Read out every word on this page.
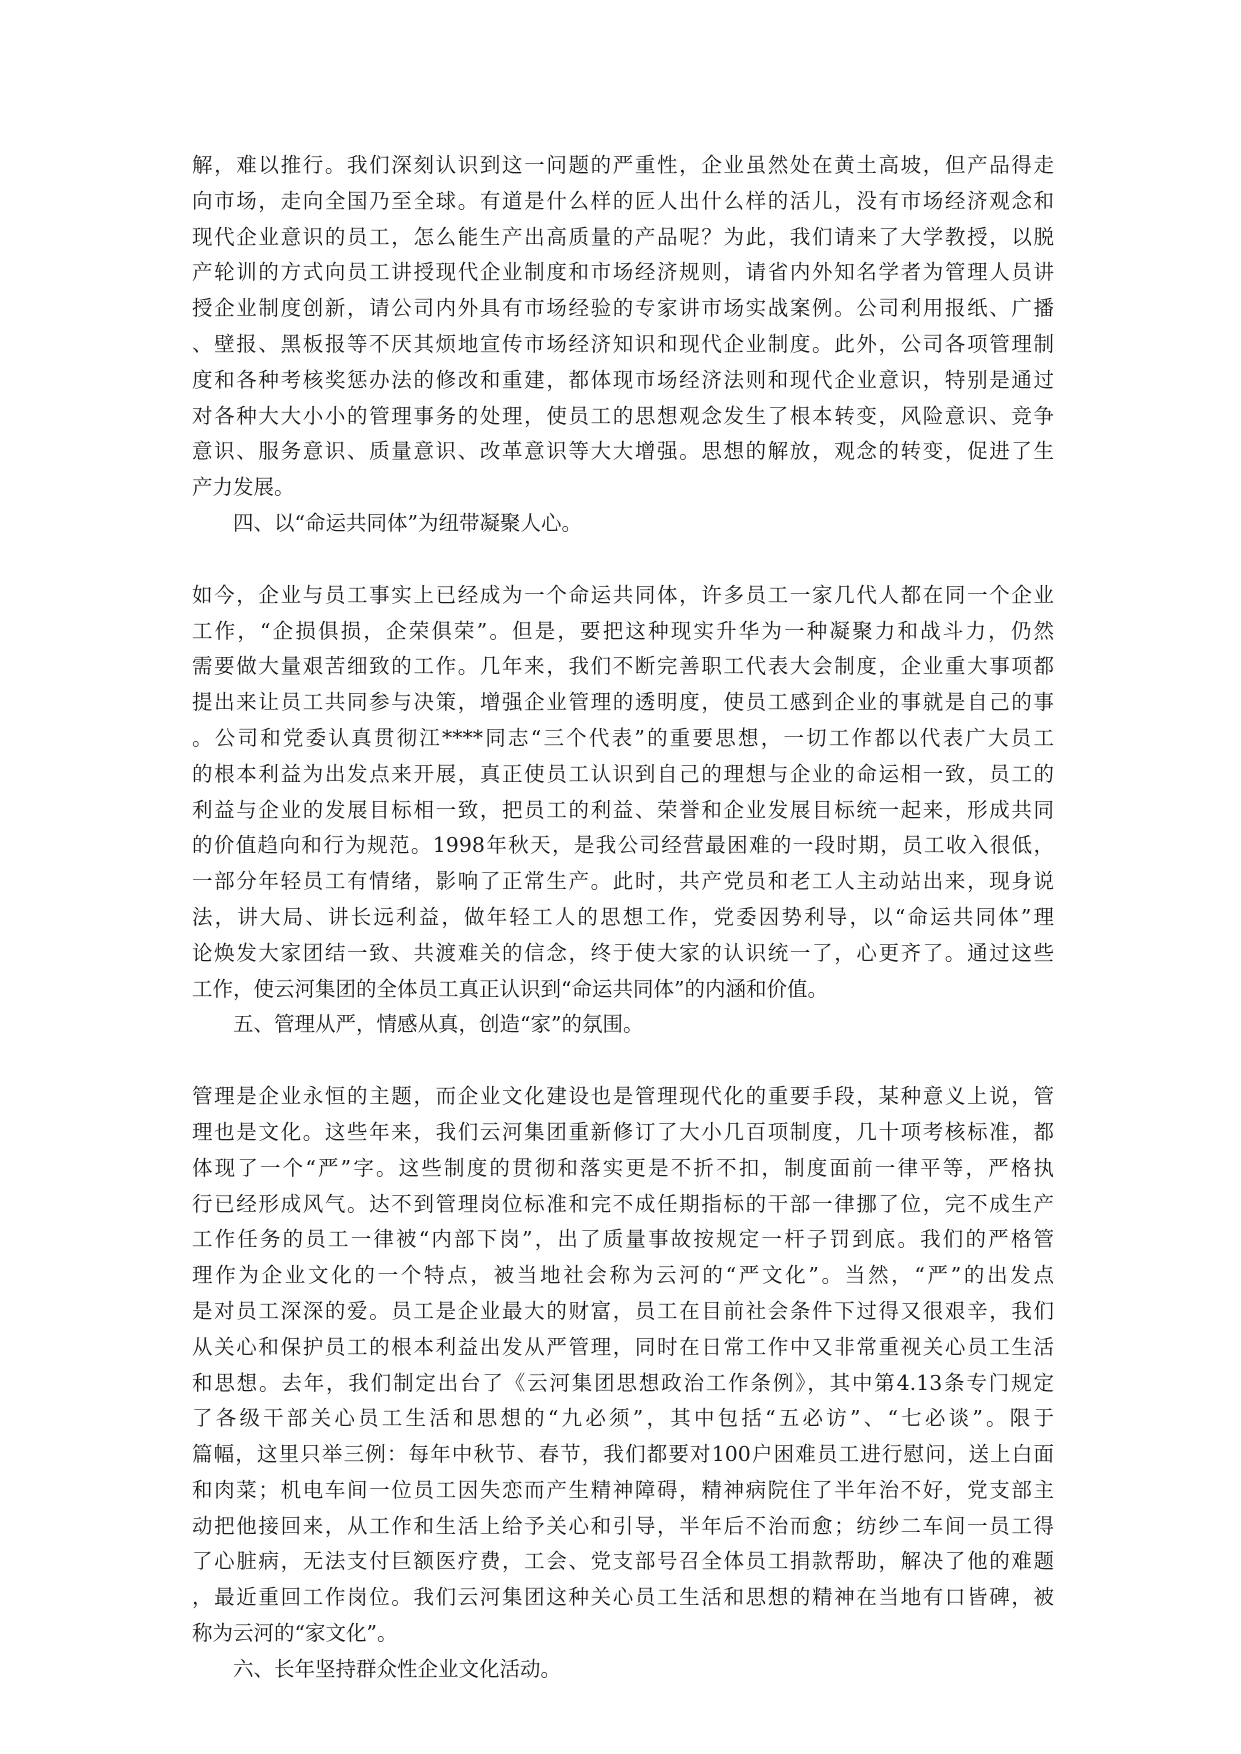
解，难以推行。我们深刻认识到这一问题的严重性，企业虽然处在黄土高坡，但产品得走
向市场，走向全国乃至全球。有道是什么样的匠人出什么样的活儿，没有市场经济观念和
现代企业意识的员工，怎么能生产出高质量的产品呢？为此，我们请来了大学教授，以脱
产轮训的方式向员工讲授现代企业制度和市场经济规则，请省内外知名学者为管理人员讲
授企业制度创新，请公司内外具有市场经验的专家讲市场实战案例。公司利用报纸、广播
、壁报、黑板报等不厌其烦地宣传市场经济知识和现代企业制度。此外，公司各项管理制
度和各种考核奖惩办法的修改和重建，都体现市场经济法则和现代企业意识，特别是通过
对各种大大小小的管理事务的处理，使员工的思想观念发生了根本转变，风险意识、竞争
意识、服务意识、质量意识、改革意识等大大增强。思想的解放，观念的转变，促进了生
产力发展。
四、以“命运共同体”为纽带凝聚人心。
如今，企业与员工事实上已经成为一个命运共同体，许多员工一家几代人都在同一个企业
工作，“企损俱损，企荣俱荣”。但是，要把这种现实升华为一种凝聚力和战斗力，仍然
需要做大量艰苦细致的工作。几年来，我们不断完善职工代表大会制度，企业重大事项都
提出来让员工共同参与决策，增强企业管理的透明度，使员工感到企业的事就是自己的事
。公司和党委认真贯彻江****同志“三个代表”的重要思想，一切工作都以代表广大员工
的根本利益为出发点来开展，真正使员工认识到自己的理想与企业的命运相一致，员工的
利益与企业的发展目标相一致，把员工的利益、荣誉和企业发展目标统一起来，形成共同
的价值趋向和行为规范。1998年秋天，是我公司经营最困难的一段时期，员工收入很低，
一部分年轻员工有情绪，影响了正常生产。此时，共产党员和老工人主动站出来，现身说
法，讲大局、讲长远利益，做年轻工人的思想工作，党委因势利导，以“命运共同体”理
论焕发大家团结一致、共渡难关的信念，终于使大家的认识统一了，心更齐了。通过这些
工作，使云河集团的全体员工真正认识到“命运共同体”的内涵和价值。
五、管理从严，情感从真，创造“家”的氛围。
管理是企业永恒的主题，而企业文化建设也是管理现代化的重要手段，某种意义上说，管
理也是文化。这些年来，我们云河集团重新修订了大小几百项制度，几十项考核标准，都
体现了一个“严”字。这些制度的贯彻和落实更是不折不扣，制度面前一律平等，严格执
行已经形成风气。达不到管理岗位标准和完不成任期指标的干部一律挪了位，完不成生产
工作任务的员工一律被“内部下岗”，出了质量事故按规定一杆子罚到底。我们的严格管
理作为企业文化的一个特点，被当地社会称为云河的“严文化”。当然，“严”的出发点
是对员工深深的爱。员工是企业最大的财富，员工在目前社会条件下过得又很艰辛，我们
从关心和保护员工的根本利益出发从严管理，同时在日常工作中又非常重视关心员工生活
和思想。去年，我们制定出台了《云河集团思想政治工作条例》，其中第4.13条专门规定
了各级干部关心员工生活和思想的“九必须”，其中包括“五必访”、“七必谈”。限于
篇幅，这里只举三例：每年中秋节、春节，我们都要对100户困难员工进行慰问，送上白面
和肉菜；机电车间一位员工因失恋而产生精神障碍，精神病院住了半年治不好，党支部主
动把他接回来，从工作和生活上给予关心和引导，半年后不治而愈；纺纱二车间一员工得
了心脏病，无法支付巨额医疗费，工会、党支部号召全体员工捐款帮助，解决了他的难题
，最近重回工作岗位。我们云河集团这种关心员工生活和思想的精神在当地有口皆碑，被
称为云河的“家文化”。
六、长年坚持群众性企业文化活动。
